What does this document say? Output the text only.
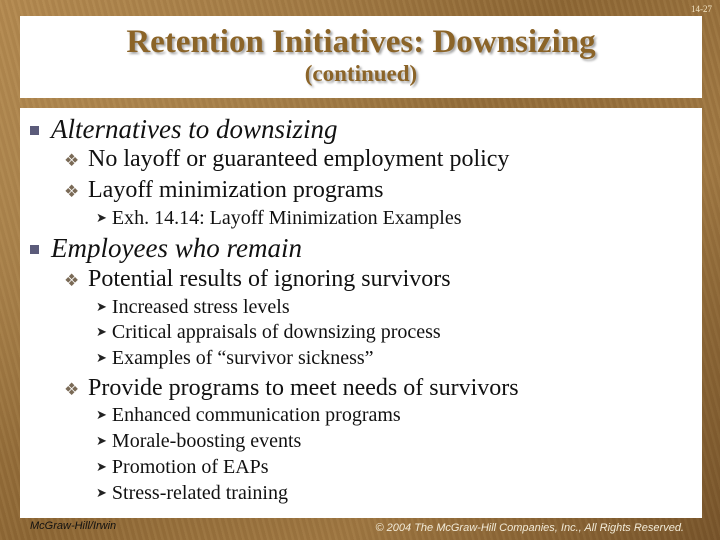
14-27
Retention Initiatives: Downsizing
(continued)
Alternatives to downsizing
❖ No layoff or guaranteed employment policy
❖ Layoff minimization programs
➤ Exh. 14.14: Layoff Minimization Examples
Employees who remain
❖ Potential results of ignoring survivors
➤ Increased stress levels
➤ Critical appraisals of downsizing process
➤ Examples of “survivor sickness”
❖ Provide programs to meet needs of survivors
➤ Enhanced communication programs
➤ Morale-boosting events
➤ Promotion of EAPs
➤ Stress-related training
McGraw-Hill/Irwin	© 2004 The McGraw-Hill Companies, Inc., All Rights Reserved.
